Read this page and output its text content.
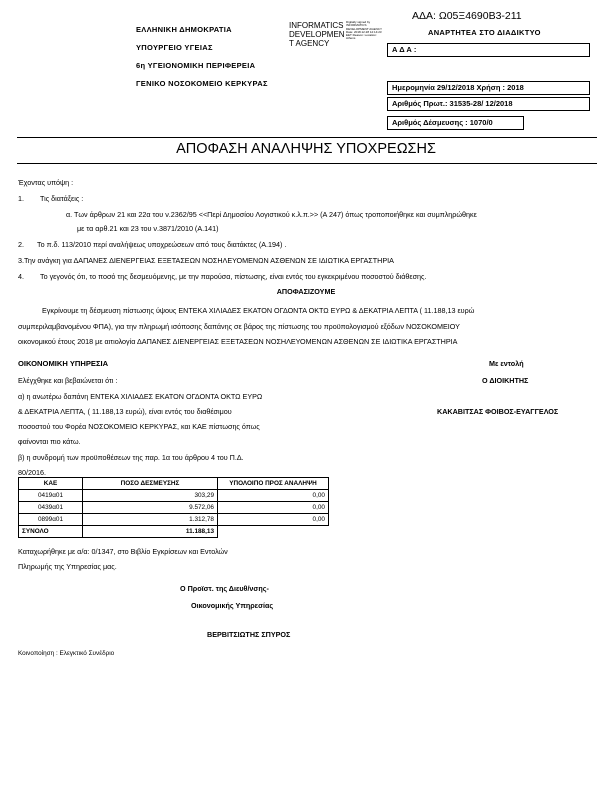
ΑΔΑ: Ω05Ξ4690Β3-211
ΕΛΛΗΝΙΚΗ ΔΗΜΟΚΡΑΤΙΑ
ΥΠΟΥΡΓΕΙΟ ΥΓΕΙΑΣ
6η ΥΓΕΙΟΝΟΜΙΚΗ ΠΕΡΙΦΕΡΕΙΑ
ΓΕΝΙΚΟ ΝΟΣΟΚΟΜΕΙΟ ΚΕΡΚΥΡΑΣ
INFORMATICS
DEVELOPMEN
T AGENCY
Digitally signed by INFORMATICS DEVELOPMENT AGENCY Date: 2018.12.28 12:14:23 EET Reason: Location: Athens
ΑΝΑΡΤΗΤΕΑ ΣΤΟ ΔΙΑΔΙΚΤΥΟ
Α Δ Α :
Ημερομηνία 29/12/2018 Χρήση : 2018
Αριθμός Πρωτ.: 31535-28/ 12/2018
Αριθμός Δέσμευσης : 1070/0
ΑΠΟΦΑΣΗ ΑΝΑΛΗΨΗΣ ΥΠΟΧΡΕΩΣΗΣ
Έχοντας υπόψη :
1. Τις διατάξεις :
α. Των άρθρων 21 και 22α του ν.2362/95 <<Περί Δημοσίου Λογιστικού κ.λ.π.>> (Α 247) όπως τροποποιήθηκε και συμπληρώθηκε
με τα αρθ.21 και 23 του ν.3871/2010 (Α.141)
2. Το π.δ. 113/2010 περί αναλήψεως υποχρεώσεων από τους διατάκτες (Α.194) .
3.Την ανάγκη για ΔΑΠΑΝΕΣ ΔΙΕΝΕΡΓΕΙΑΣ ΕΞΕΤΑΣΕΩΝ ΝΟΣΗΛΕΥΟΜΕΝΩΝ ΑΣΘΕΝΩΝ ΣΕ ΙΔΙΩΤΙΚΑ ΕΡΓΑΣΤΗΡΙΑ
4. Το γεγονός ότι, το ποσό της δεσμευόμενης, με την παρούσα, πίστωσης, είναι εντός του εγκεκριμένου ποσοστού διάθεσης.
ΑΠΟΦΑΣΙΖΟΥΜΕ
Εγκρίνουμε τη δέσμευση πίστωσης ύψους ΕΝΤΕΚΑ ΧΙΛΙΑΔΕΣ ΕΚΑΤΟΝ ΟΓΔΟΝΤΑ ΟΚΤΩ ΕΥΡΩ & ΔΕΚΑΤΡΙΑ ΛΕΠΤΑ ( 11.188,13 ευρώ
συμπεριλαμβανομένου ΦΠΑ), για την πληρωμή ισόποσης δαπάνης σε βάρος της πίστωσης του προϋπολογισμού εξόδων ΝΟΣΟΚΟΜΕΙΟΥ
οικονομικού έτους 2018 με αιτιολογία ΔΑΠΑΝΕΣ ΔΙΕΝΕΡΓΕΙΑΣ ΕΞΕΤΑΣΕΩΝ ΝΟΣΗΛΕΥΟΜΕΝΩΝ ΑΣΘΕΝΩΝ ΣΕ ΙΔΙΩΤΙΚΑ ΕΡΓΑΣΤΗΡΙΑ
ΟΙΚΟΝΟΜΙΚΗ ΥΠΗΡΕΣΙΑ
Ελέγχθηκε και βεβαιώνεται ότι :
α) η ανωτέρω δαπάνη ΕΝΤΕΚΑ ΧΙΛΙΑΔΕΣ ΕΚΑΤΟΝ ΟΓΔΟΝΤΑ ΟΚΤΩ ΕΥΡΩ
& ΔΕΚΑΤΡΙΑ ΛΕΠΤΑ, ( 11.188,13 ευρώ), είναι εντός του διαθέσιμου
ποσοστού του Φορέα ΝΟΣΟΚΟΜΕΙΟ ΚΕΡΚΥΡΑΣ, και ΚΑΕ πίστωσης όπως
φαίνονται πιο κάτω.
β) η συνδρομή των προϋποθέσεων της παρ. 1α του άρθρου 4 του Π.Δ.
80/2016.
Με εντολή
Ο ΔΙΟΙΚΗΤΗΣ
ΚΑΚΑΒΙΤΣΑΣ ΦΟΙΒΟΣ-ΕΥΑΓΓΕΛΟΣ
ΚΑΕ	ΠΟΣΟ ΔΕΣΜΕΥΣΗΣ	ΥΠΟΛΟΙΠΟ ΠΡΟΣ ΑΝΑΛΗΨΗ
0419α01	303,29	0,00
0439α01	9.572,06	0,00
0899α01	1.312,78	0,00
ΣΥΝΟΛΟ	11.188,13	
Καταχωρήθηκε με α/α: 0/1347, στο Βιβλίο Εγκρίσεων και Εντολών
Πληρωμής της Υπηρεσίας μας.
Ο Προϊστ. της Διευθ/νσης-
Οικονομικής Υπηρεσίας
ΒΕΡΒΙΤΣΙΩΤΗΣ ΣΠΥΡΟΣ
Κοινοποίηση : Ελεγκτικό Συνέδριο
